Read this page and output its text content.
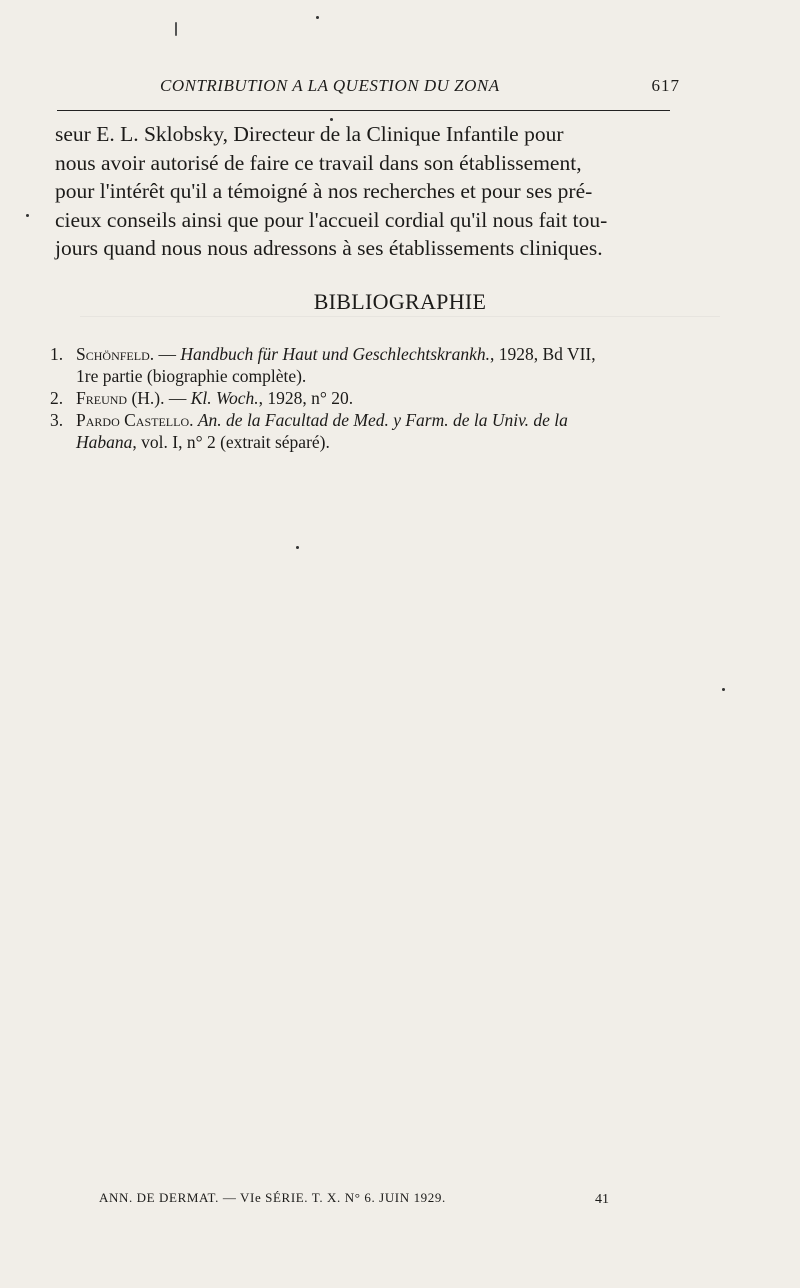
CONTRIBUTION A LA QUESTION DU ZONA	617

seur E. L. Sklobsky, Directeur de la Clinique Infantile pour

nous avoir autorisé de faire ce travail dans son établissement,

pour l'intérêt qu'il a témoigné à nos recherches et pour ses pré-

cieux conseils ainsi que pour l'accueil cordial qu'il nous fait tou-

jours quand nous nous adressons à ses établissements cliniques.

BIBLIOGRAPHIE
1. Schönfeld. — Handbuch für Haut und Geschlechtskrankh., 1928, Bd VII,
1re partie (biographie complète).
2. Freund (H.). — Kl. Woch., 1928, n° 20.
3. Pardo Castello. An. de la Facultad de Med. y Farm. de la Univ. de la
Habana, vol. I, n° 2 (extrait séparé).
ANN. DE DERMAT. — VIe SÉRIE. T. X. N° 6. JUIN 1929.	41
